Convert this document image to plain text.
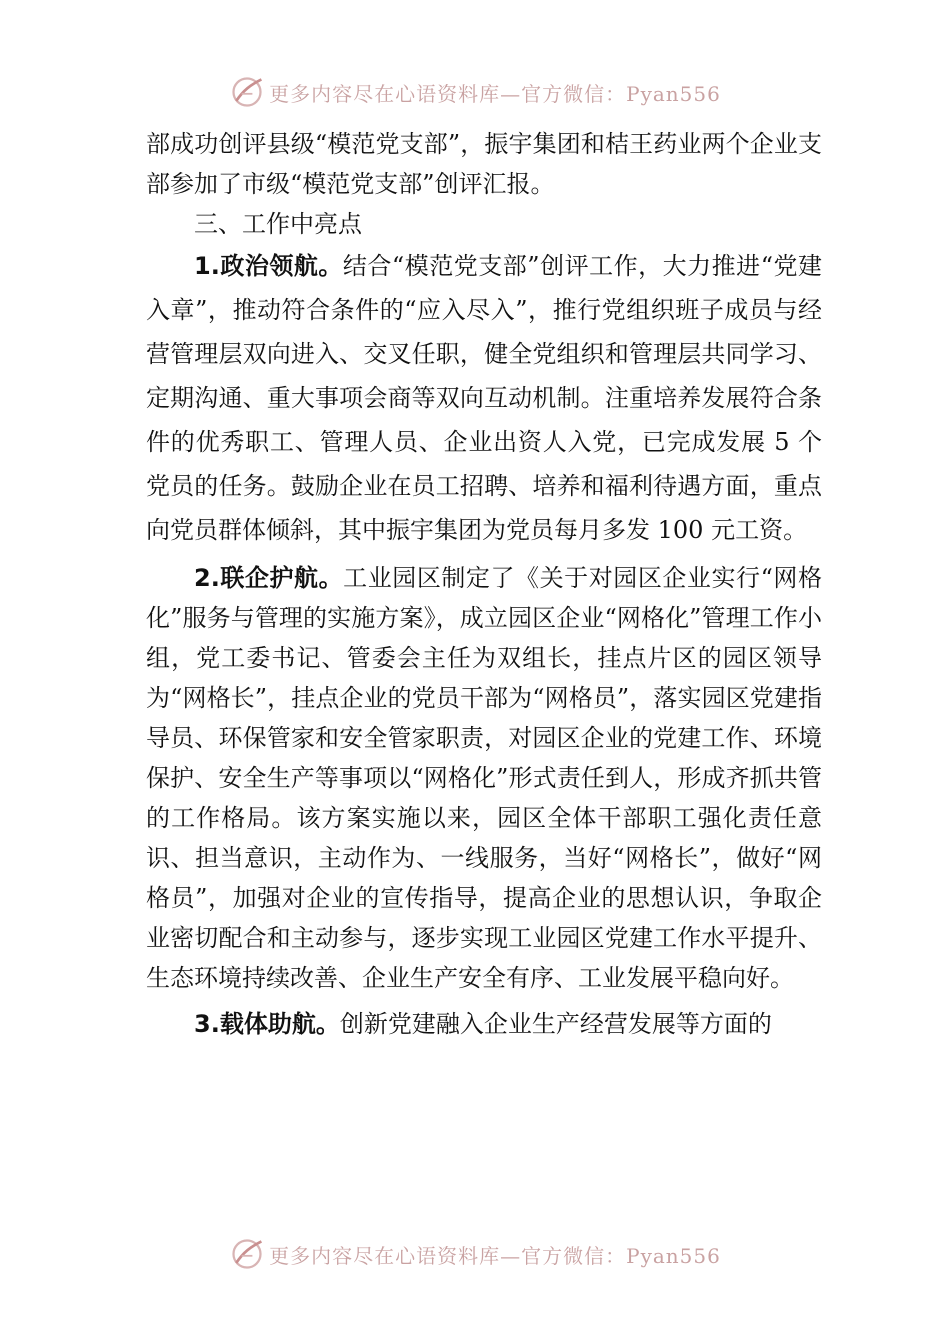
更多内容尽在心语资料库—官方微信：Pyan556

部成功创评县级“模范党支部”，振宇集团和桔王药业两个企业支部参加了市级“模范党支部”创评汇报。

三、工作中亮点

1.政治领航。结合“模范党支部”创评工作，大力推进“党建入章”，推动符合条件的“应入尽入”，推行党组织班子成员与经营管理层双向进入、交叉任职，健全党组织和管理层共同学习、定期沟通、重大事项会商等双向互动机制。注重培养发展符合条件的优秀职工、管理人员、企业出资人入党，已完成发展 5 个党员的任务。鼓励企业在员工招聘、培养和福利待遇方面，重点向党员群体倾斜，其中振宇集团为党员每月多发 100 元工资。

2.联企护航。工业园区制定了《关于对园区企业实行“网格化”服务与管理的实施方案》，成立园区企业“网格化”管理工作小组，党工委书记、管委会主任为双组长，挂点片区的园区领导为“网格长”，挂点企业的党员干部为“网格员”，落实园区党建指导员、环保管家和安全管家职责，对园区企业的党建工作、环境保护、安全生产等事项以“网格化”形式责任到人，形成齐抓共管的工作格局。该方案实施以来，园区全体干部职工强化责任意识、担当意识，主动作为、一线服务，当好“网格长”，做好“网格员”，加强对企业的宣传指导，提高企业的思想认识，争取企业密切配合和主动参与，逐步实现工业园区党建工作水平提升、生态环境持续改善、企业生产安全有序、工业发展平稳向好。

3.载体助航。创新党建融入企业生产经营发展等方面的

更多内容尽在心语资料库—官方微信：Pyan556
